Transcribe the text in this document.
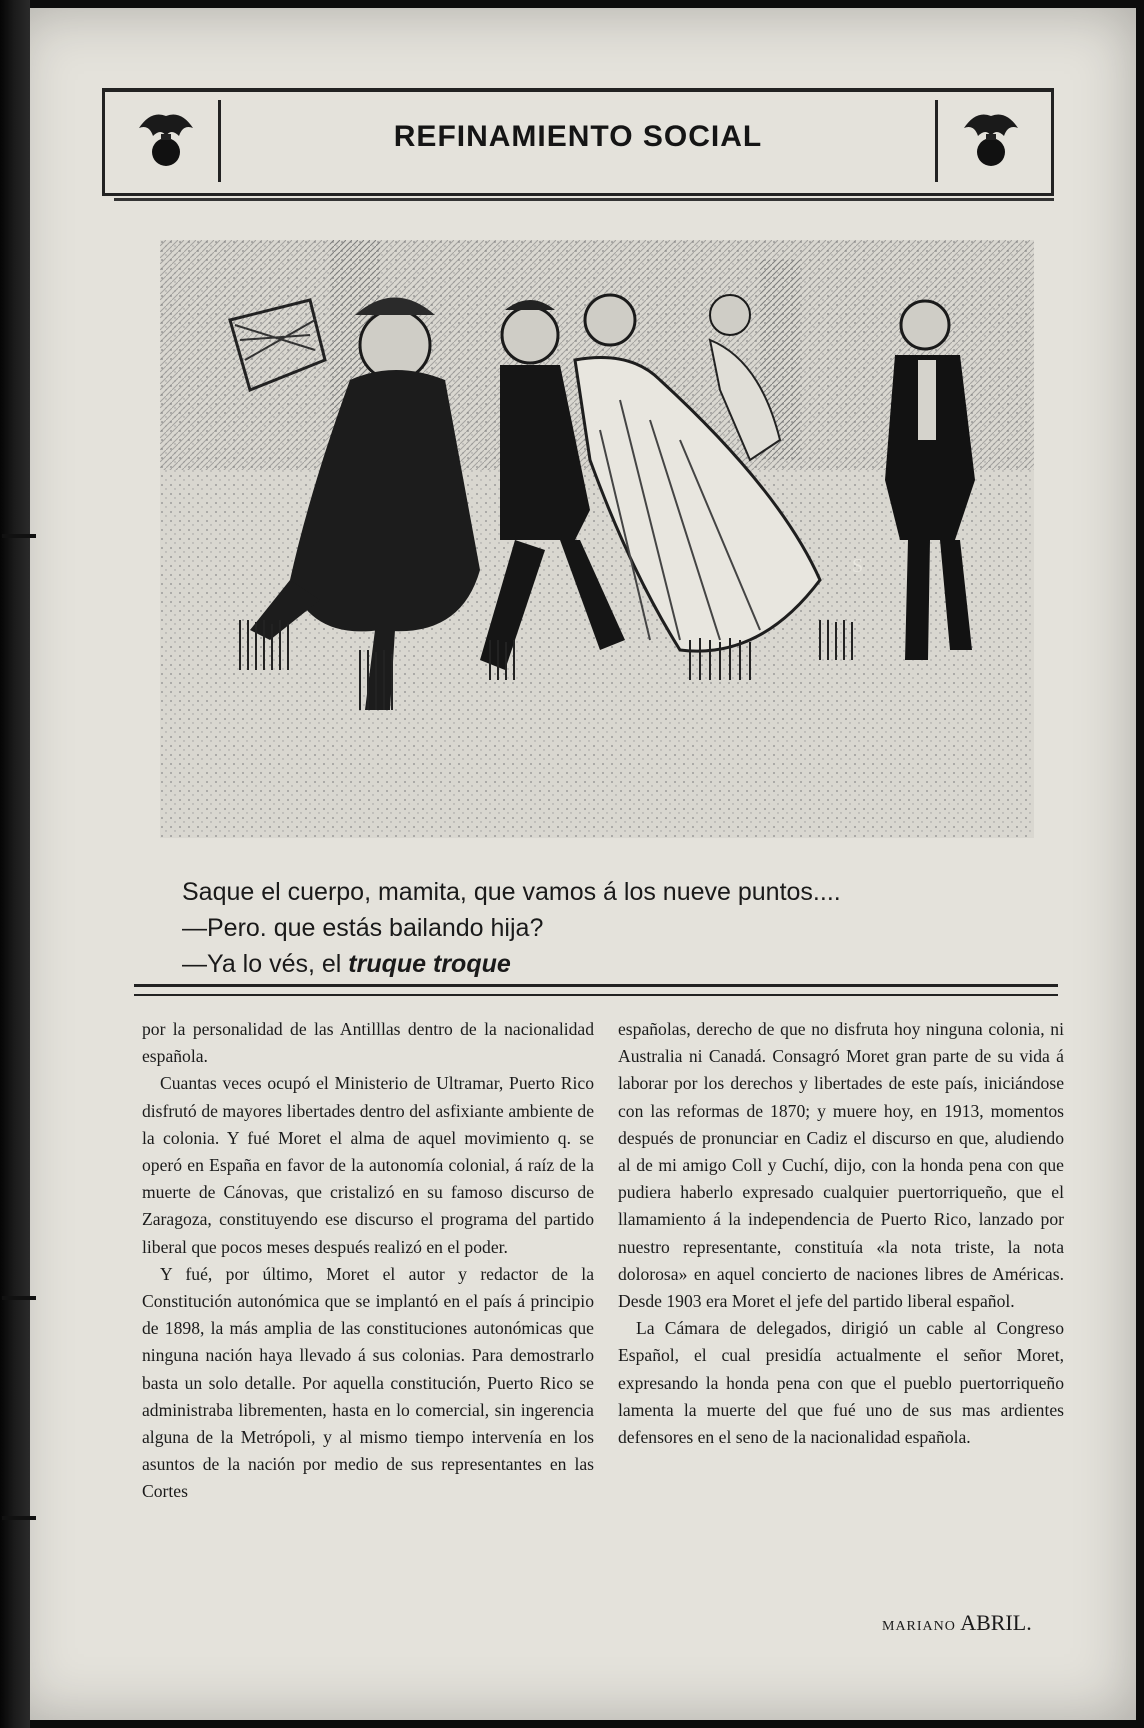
REFINAMIENTO SOCIAL
S
Saque el cuerpo, mamita, que vamos á los nueve puntos....
—Pero. que estás bailando hija?
—Ya lo vés, el truque troque

por la personalidad de las Antilllas dentro de la nacionalidad española.

Cuantas veces ocupó el Ministerio de Ultramar, Puerto Rico disfrutó de mayores libertades dentro del asfixiante ambiente de la colonia. Y fué Moret el alma de aquel movimiento q. se operó en España en favor de la autonomía colonial, á raíz de la muerte de Cánovas, que cristalizó en su famoso discurso de Zaragoza, constituyendo ese discurso el programa del partido liberal que pocos meses después realizó en el poder.

Y fué, por último, Moret el autor y redactor de la Constitución autonómica que se implantó en el país á principio de 1898, la más amplia de las constituciones autonómicas que ninguna nación haya llevado á sus colonias. Para demostrarlo basta un solo detalle. Por aquella constitución, Puerto Rico se administraba librementen, hasta en lo comercial, sin ingerencia alguna de la Metrópoli, y al mismo tiempo intervenía en los asuntos de la nación por medio de sus representantes en las Cortes

españolas, derecho de que no disfruta hoy ninguna colonia, ni Australia ni Canadá. Consagró Moret gran parte de su vida á laborar por los derechos y libertades de este país, iniciándose con las reformas de 1870; y muere hoy, en 1913, momentos después de pronunciar en Cadiz el discurso en que, aludiendo al de mi amigo Coll y Cuchí, dijo, con la honda pena con que pudiera haberlo expresado cualquier puertorriqueño, que el llamamiento á la independencia de Puerto Rico, lanzado por nuestro representante, constituía «la nota triste, la nota dolorosa» en aquel concierto de naciones libres de Américas. Desde 1903 era Moret el jefe del partido liberal español.

La Cámara de delegados, dirigió un cable al Congreso Español, el cual presidía actualmente el señor Moret, expresando la honda pena con que el pueblo puertorriqueño lamenta la muerte del que fué uno de sus mas ardientes defensores en el seno de la nacionalidad española.

MARIANO ABRIL.
